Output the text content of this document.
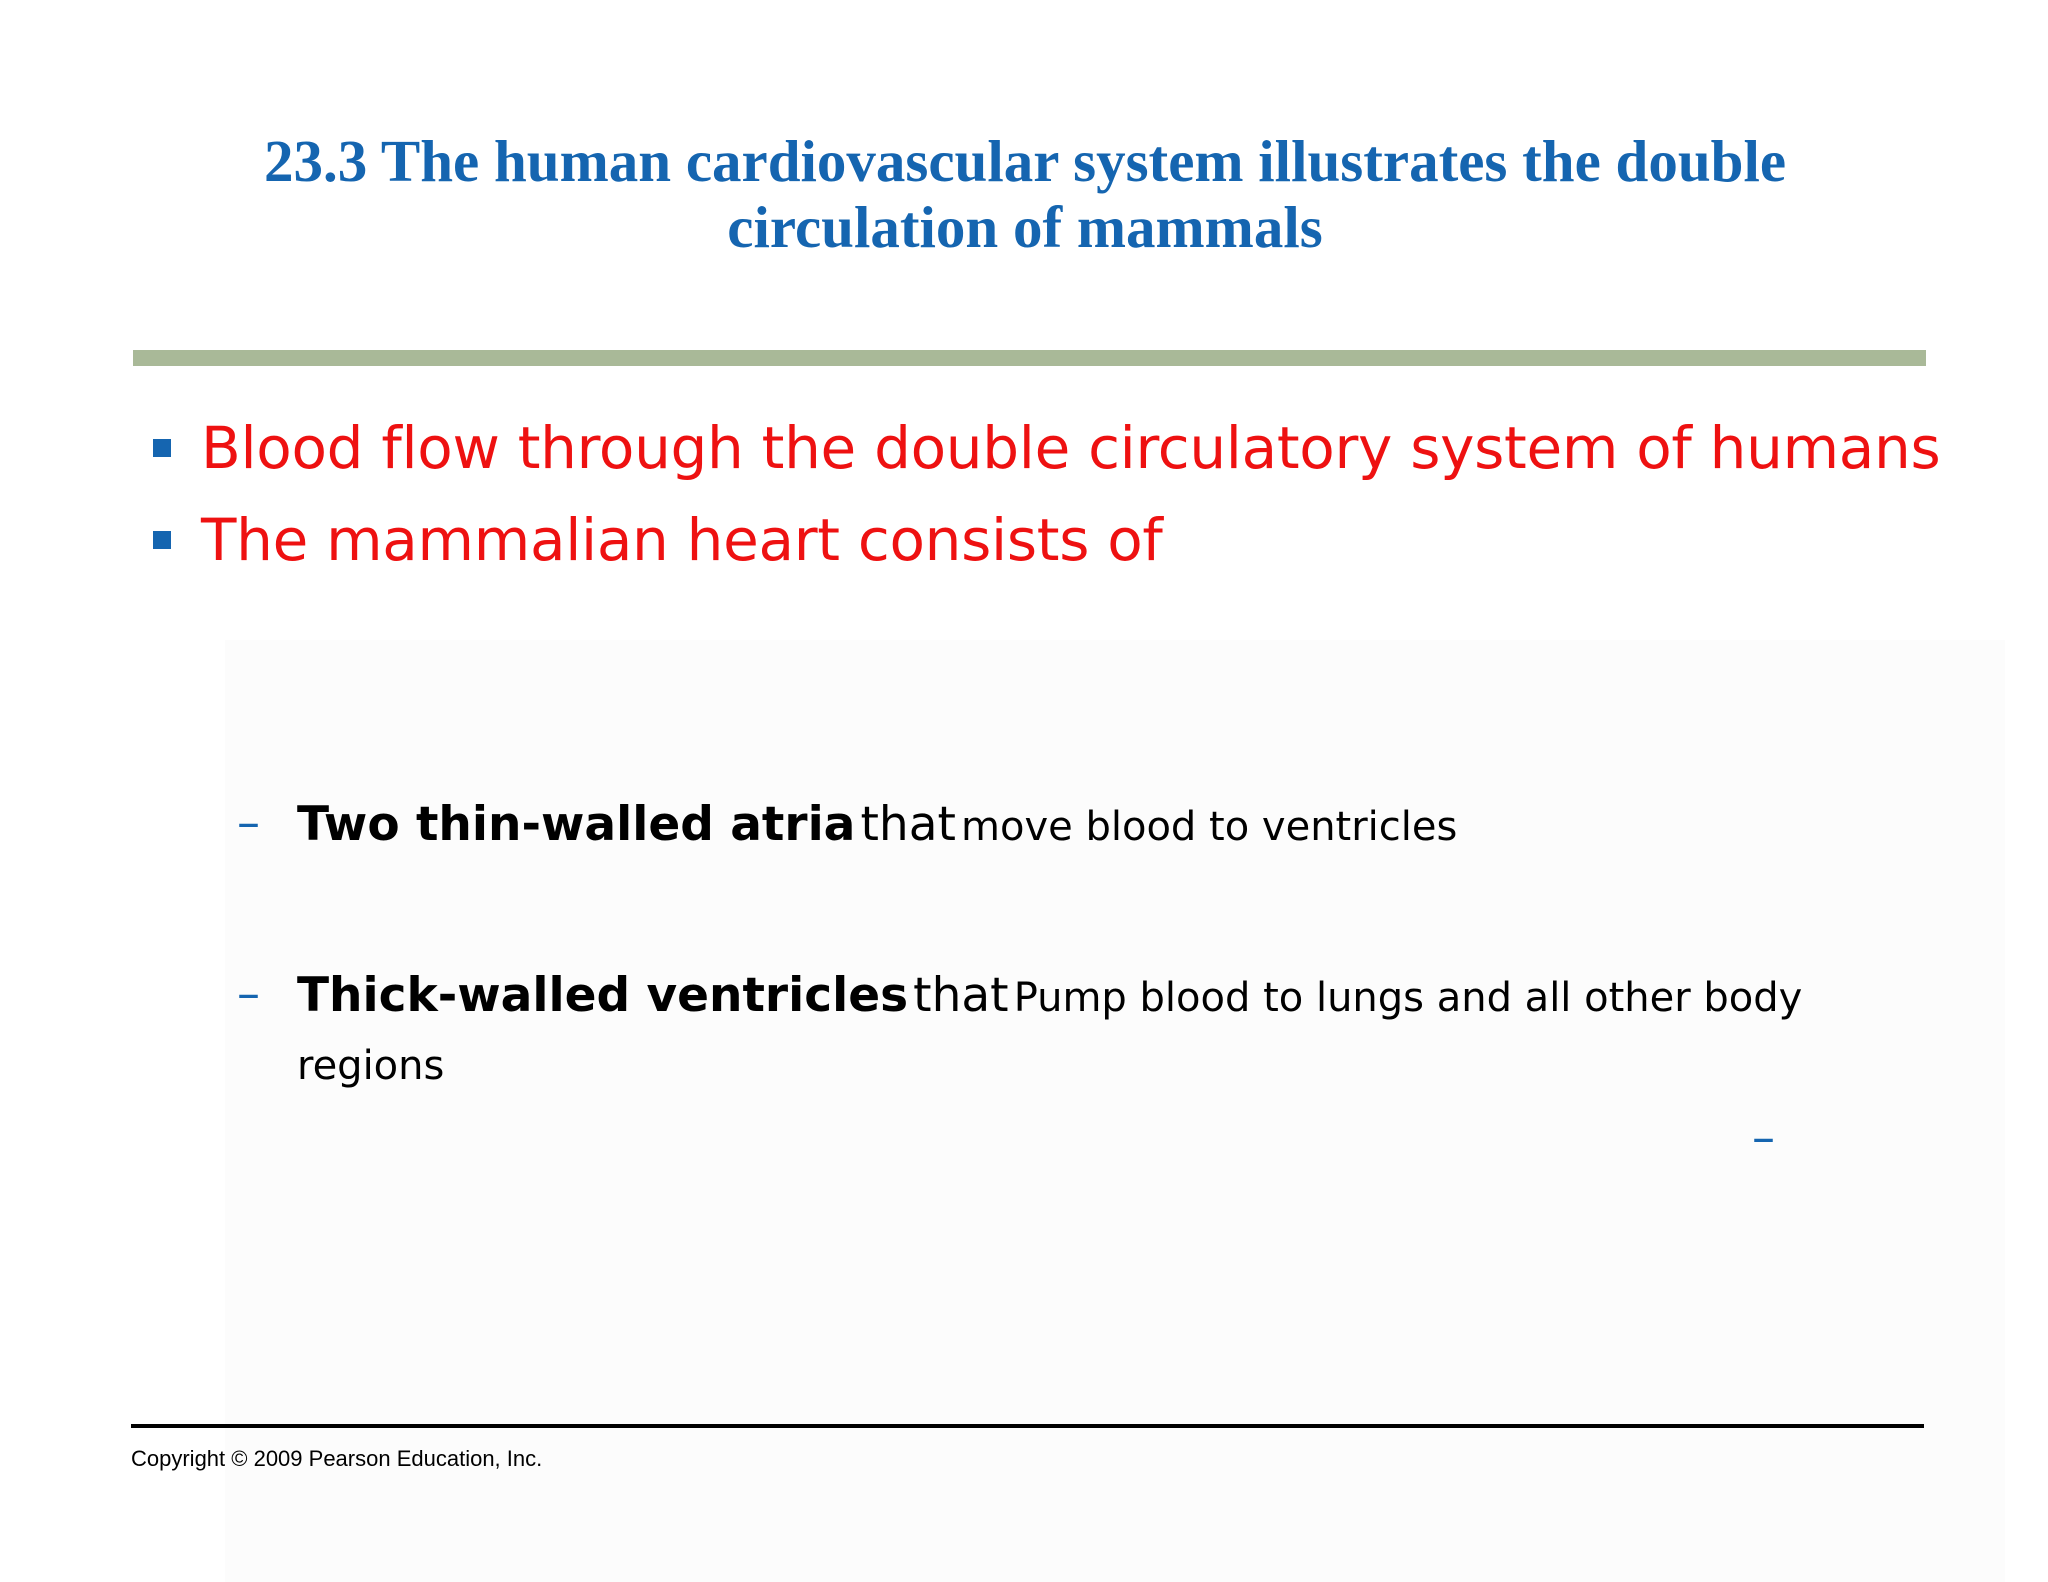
23.3 The human cardiovascular system illustrates the double
circulation of mammals
Blood flow through the double circulatory system of humans
The mammalian heart consists of
– Two thin-walled atria that move blood to ventricles
– Thick-walled ventricles that Pump blood to lungs and all other body regions
–
Copyright © 2009 Pearson Education, Inc.
